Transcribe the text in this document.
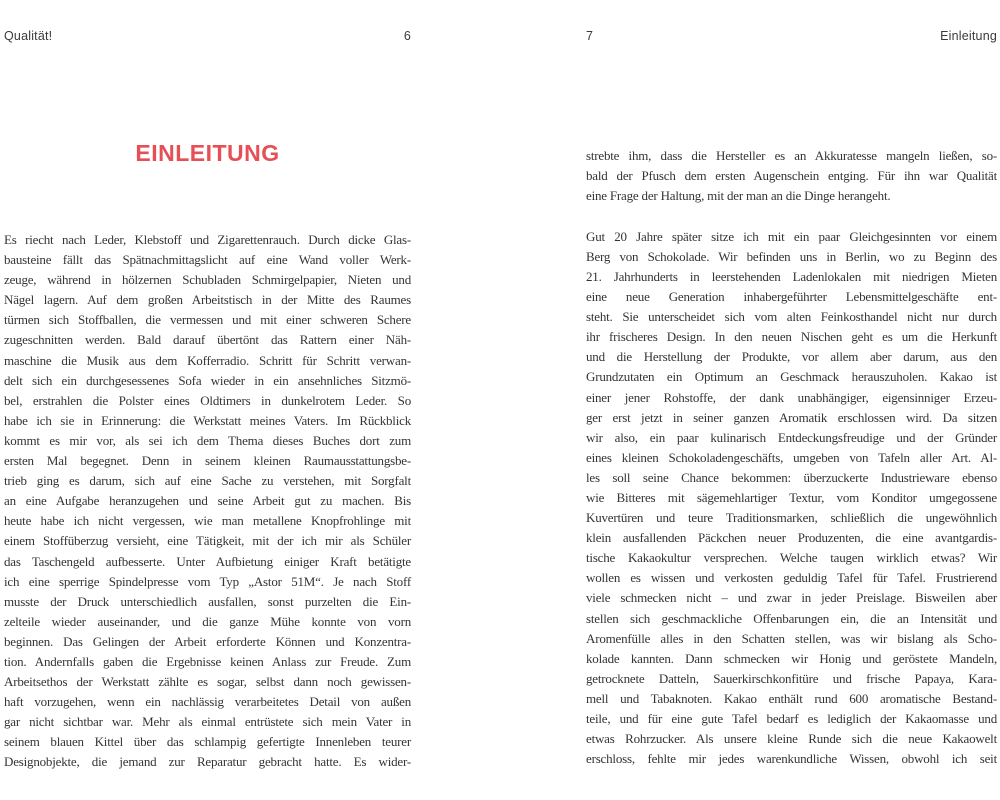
Qualität!	6	7	Einleitung
EINLEITUNG
Es riecht nach Leder, Klebstoff und Zigarettenrauch. Durch dicke Glas-
bausteine fällt das Spätnachmittagslicht auf eine Wand voller Werk-
zeuge, während in hölzernen Schubladen Schmirgelpapier, Nieten und
Nägel lagern. Auf dem großen Arbeitstisch in der Mitte des Raumes
türmen sich Stoffballen, die vermessen und mit einer schweren Schere
zugeschnitten werden. Bald darauf übertönt das Rattern einer Näh-
maschine die Musik aus dem Kofferradio. Schritt für Schritt verwan-
delt sich ein durchgesessenes Sofa wieder in ein ansehnliches Sitzmö-
bel, erstrahlen die Polster eines Oldtimers in dunkelrotem Leder. So
habe ich sie in Erinnerung: die Werkstatt meines Vaters. Im Rückblick
kommt es mir vor, als sei ich dem Thema dieses Buches dort zum
ersten Mal begegnet. Denn in seinem kleinen Raumausstattungsbe-
trieb ging es darum, sich auf eine Sache zu verstehen, mit Sorgfalt
an eine Aufgabe heranzugehen und seine Arbeit gut zu machen. Bis
heute habe ich nicht vergessen, wie man metallene Knopfrohlinge mit
einem Stoffüberzug versieht, eine Tätigkeit, mit der ich mir als Schüler
das Taschengeld aufbesserte. Unter Aufbietung einiger Kraft betätigte
ich eine sperrige Spindelpresse vom Typ „Astor 51M“. Je nach Stoff
musste der Druck unterschiedlich ausfallen, sonst purzelten die Ein-
zelteile wieder auseinander, und die ganze Mühe konnte von vorn
beginnen. Das Gelingen der Arbeit erforderte Können und Konzentra-
tion. Andernfalls gaben die Ergebnisse keinen Anlass zur Freude. Zum
Arbeitsethos der Werkstatt zählte es sogar, selbst dann noch gewissen-
haft vorzugehen, wenn ein nachlässig verarbeitetes Detail von außen
gar nicht sichtbar war. Mehr als einmal entrüstete sich mein Vater in
seinem blauen Kittel über das schlampig gefertigte Innenleben teurer
Designobjekte, die jemand zur Reparatur gebracht hatte. Es wider-
strebte ihm, dass die Hersteller es an Akkuratesse mangeln ließen, so-
bald der Pfusch dem ersten Augenschein entging. Für ihn war Qualität
eine Frage der Haltung, mit der man an die Dinge herangeht.
Gut 20 Jahre später sitze ich mit ein paar Gleichgesinnten vor einem
Berg von Schokolade. Wir befinden uns in Berlin, wo zu Beginn des
21. Jahrhunderts in leerstehenden Ladenlokalen mit niedrigen Mieten
eine neue Generation inhabergeführter Lebensmittelgeschäfte ent-
steht. Sie unterscheidet sich vom alten Feinkosthandel nicht nur durch
ihr frischeres Design. In den neuen Nischen geht es um die Herkunft
und die Herstellung der Produkte, vor allem aber darum, aus den
Grundzutaten ein Optimum an Geschmack herauszuholen. Kakao ist
einer jener Rohstoffe, der dank unabhängiger, eigensinniger Erzeu-
ger erst jetzt in seiner ganzen Aromatik erschlossen wird. Da sitzen
wir also, ein paar kulinarisch Entdeckungsfreudige und der Gründer
eines kleinen Schokoladengeschäfts, umgeben von Tafeln aller Art. Al-
les soll seine Chance bekommen: überzuckerte Industrieware ebenso
wie Bitteres mit sägemehlartiger Textur, vom Konditor umgegossene
Kuvertüren und teure Traditionsmarken, schließlich die ungewöhnlich
klein ausfallenden Päckchen neuer Produzenten, die eine avantgardis-
tische Kakaokultur versprechen. Welche taugen wirklich etwas? Wir
wollen es wissen und verkosten geduldig Tafel für Tafel. Frustrierend
viele schmecken nicht – und zwar in jeder Preislage. Bisweilen aber
stellen sich geschmackliche Offenbarungen ein, die an Intensität und
Aromenfülle alles in den Schatten stellen, was wir bislang als Scho-
kolade kannten. Dann schmecken wir Honig und geröstete Mandeln,
getrocknete Datteln, Sauerkirschkonfitüre und frische Papaya, Kara-
mell und Tabaknoten. Kakao enthält rund 600 aromatische Bestand-
teile, und für eine gute Tafel bedarf es lediglich der Kakaomasse und
etwas Rohrzucker. Als unsere kleine Runde sich die neue Kakaowelt
erschloss, fehlte mir jedes warenkundliche Wissen, obwohl ich seit
